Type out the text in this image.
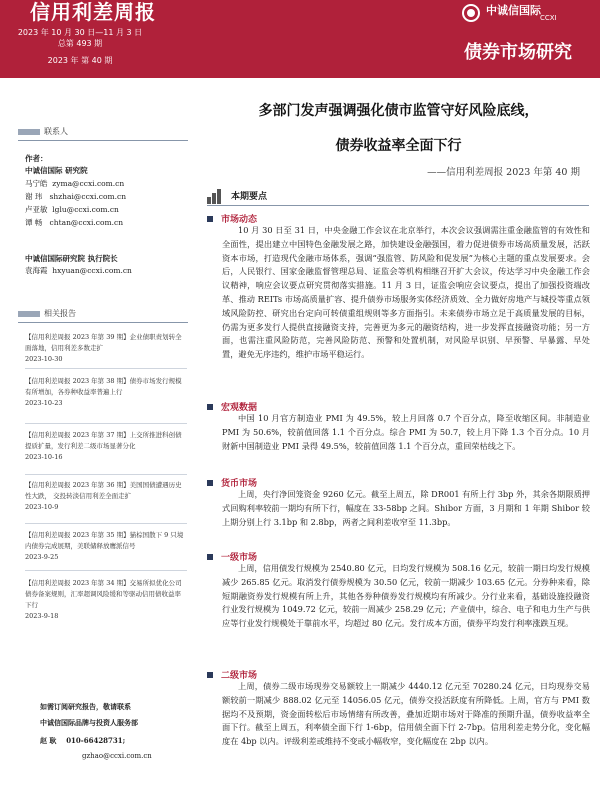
信用利差周报
2023 年 10 月 30 日—11 月 3 日
总第 493 期
2023 年 第 40 期
中诚信国际
CCXI
债券市场研究
联系人
作者：
中诚信国际 研究院
马宁皓 zyma@ccxi.com.cn
谢 玮 shzhai@ccxi.com.cn
卢亚敏 lglu@ccxi.com.cn
谭 畅 chtan@ccxi.com.cn
中诚信国际研究院 执行院长
袁海霞 hxyuan@ccxi.com.cn
相关报告
【信用利差周报 2023 年第 39 期】企业债职责划转全面落地，信用利差多数走扩
2023-10-30
【信用利差周报 2023 年第 38 期】债券市场发行规模有所增加，各券种收益率普遍上行
2023-10-23
【信用利差周报 2023 年第 37 期】上交所推进科创债提质扩量，发行利差二级市场显著分化
2023-10-16
【信用利差周报 2023 年第 36 期】美国国债遭遇历史性大跌， 交投转淡信用利差全面走扩
2023-10-9
【信用利差周报 2023 年第 35 期】猫棕国散下 9 只境内债券完成展期，美联储释放鹰派信号
2023-9-25
【信用利差周报 2023 年第 34 期】交易所拟优化公司债券备案规则，汇率超调风险缓和等驱动信用债收益率下行
2023-9-18
如需订阅研究报告，敬请联系
中诚信国际品牌与投资人服务部
赵 耿 010-66428731;
gzhao@ccxi.com.cn
多部门发声强调强化债市监管守好风险底线，
债券收益率全面下行
——信用利差周报 2023 年第 40 期
本期要点
市场动态
10 月 30 日至 31 日，中央金融工作会议在北京举行，本次会议强调需注重金融监管的有效性和全面性，提出建立中国特色金融发展之路，加快建设金融强国，着力促进债券市场高质量发展，活跃资本市场，打造现代金融市场体系，强调“强监管、防风险和促发展”为核心主题的重点发展要求。会后，人民银行、国家金融监督管理总局、证监会等机构相继召开扩大会议，传达学习中央金融工作会议精神，响应会议要点研究贯彻落实措施。11 月 3 日，证监会响应会议要点，提出了加强投资端改革、推动 REITs 市场高质量扩容、提升债券市场服务实体经济质效、全力做好房地产与城投等重点领域风险防控、研究出台定向可转债重组规则等多方面指引。未来债券市场立足于高质量发展的目标，仍需为更多发行人提供直接融资支持，完善更为多元的融资结构，进一步发挥直接融资功能；另一方面，也需注重风险防范，完善风险防范、预警和处置机制，对风险早识别、早预警、早暴露、早处置，避免无序违约，维护市场平稳运行。
宏观数据
中国 10 月官方制造业 PMI 为 49.5%，较上月回落 0.7 个百分点，降至收缩区间。非制造业 PMI 为 50.6%，较前值回落 1.1 个百分点。综合 PMI 为 50.7，较上月下降 1.3 个百分点。10 月财新中国制造业 PMI 录得 49.5%，较前值回落 1.1 个百分点，重回荣枯线之下。
货币市场
上周，央行净回笼资金 9260 亿元。截至上周五，除 DR001 有所上行 3bp 外，其余各期限质押式回购利率较前一期均有所下行，幅度在 33-58bp 之间。Shibor 方面，3 月期和 1 年期 Shibor 较上期分别上行 3.1bp 和 2.8bp，两者之间利差收窄至 11.3bp。
一级市场
上周，信用债发行规模为 2540.80 亿元，日均发行规模为 508.16 亿元，较前一期日均发行规模减少 265.85 亿元。取消发行债券规模为 30.50 亿元，较前一期减少 103.65 亿元。分券种来看，除短期融资券发行规模有所上升，其他各券种债券发行规模均有所减少。分行业来看，基础设施投融资行业发行规模为 1049.72 亿元，较前一周减少 258.29 亿元；产业债中，综合、电子和电力生产与供应等行业发行规模处于靠前水平，均超过 80 亿元。发行成本方面，债券平均发行利率涨跌互现。
二级市场
上周，债券二级市场现券交易额较上一期减少 4440.12 亿元至 70280.24 亿元，日均现券交易额较前一期减少 888.02 亿元至 14056.05 亿元，债券交投活跃度有所降低。上周，官方与 PMI 数据均不及预期，资金面转松后市场情绪有所改善，叠加近期市场对于降准的预期升温，债券收益率全面下行。截至上周五，利率债全面下行 1-6bp，信用债全面下行 2-7bp。信用利差走势分化，变化幅度在 4bp 以内。评级利差或维持不变或小幅收窄，变化幅度在 2bp 以内。
